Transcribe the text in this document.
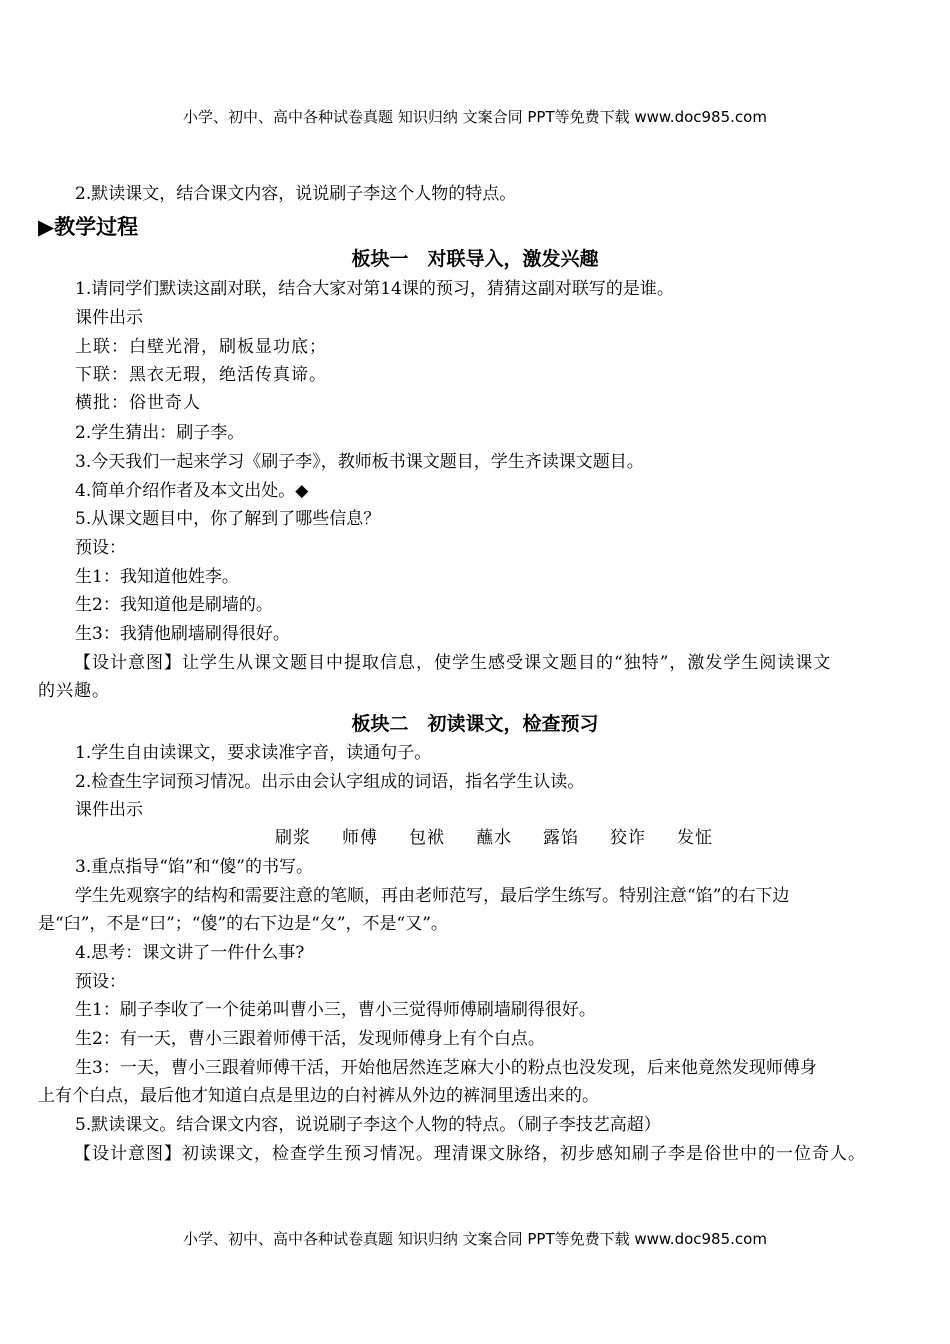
小学、初中、高中各种试卷真题 知识归纳 文案合同 PPT等免费下载 www.doc985.com
2.默读课文，结合课文内容，说说刷子李这个人物的特点。
▶教学过程
板块一　对联导入，激发兴趣
1.请同学们默读这副对联，结合大家对第14课的预习，猜猜这副对联写的是谁。
课件出示
上联：白壁光滑，刷板显功底；
下联：黑衣无瑕，绝活传真谛。
横批：俗世奇人
2.学生猜出：刷子李。
3.今天我们一起来学习《刷子李》，教师板书课文题目，学生齐读课文题目。
4.简单介绍作者及本文出处。◆
5.从课文题目中，你了解到了哪些信息？
预设：
生1：我知道他姓李。
生2：我知道他是刷墙的。
生3：我猜他刷墙刷得很好。
【设计意图】让学生从课文题目中提取信息，使学生感受课文题目的“独特”，激发学生阅读课文
的兴趣。
板块二　初读课文，检查预习
1.学生自由读课文，要求读准字音，读通句子。
2.检查生字词预习情况。出示由会认字组成的词语，指名学生认读。
课件出示
刷浆 师傅 包袱 蘸水 露馅 狡诈 发怔
3.重点指导“馅”和“傻”的书写。
学生先观察字的结构和需要注意的笔顺，再由老师范写，最后学生练写。特别注意“馅”的右下边
是“臼”，不是“曰”；“傻”的右下边是“夂”，不是“又”。
4.思考：课文讲了一件什么事?
预设：
生1：刷子李收了一个徒弟叫曹小三，曹小三觉得师傅刷墙刷得很好。
生2：有一天，曹小三跟着师傅干活，发现师傅身上有个白点。
生3：一天，曹小三跟着师傅干活，开始他居然连芝麻大小的粉点也没发现，后来他竟然发现师傅身
上有个白点，最后他才知道白点是里边的白衬裤从外边的裤洞里透出来的。
5.默读课文。结合课文内容，说说刷子李这个人物的特点。（刷子李技艺高超）
【设计意图】初读课文，检查学生预习情况。理清课文脉络，初步感知刷子李是俗世中的一位奇人。
小学、初中、高中各种试卷真题 知识归纳 文案合同 PPT等免费下载 www.doc985.com
